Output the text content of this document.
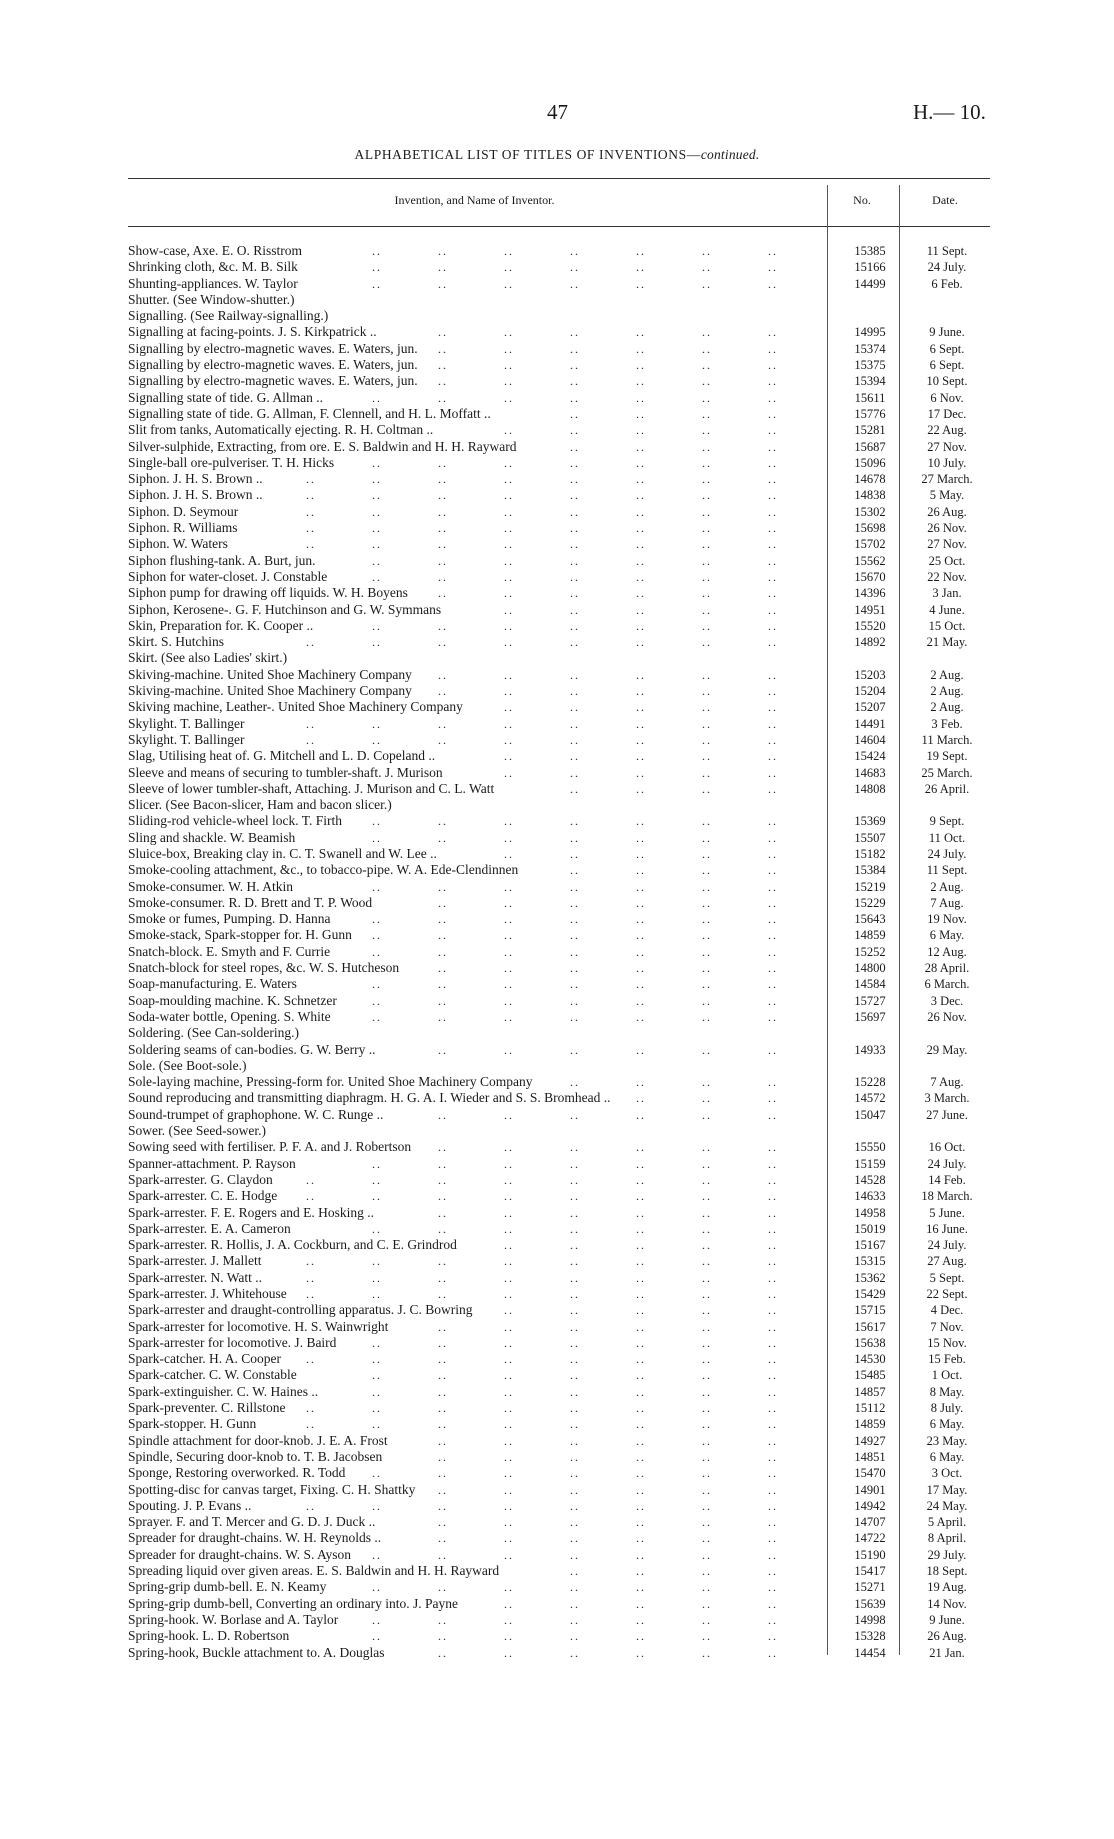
47	H.— 10.
ALPHABETICAL LIST OF TITLES OF INVENTIONS—continued.
Invention, and Name of Inventor.	No.	Date.
Show-case, Axe. E. O. Risstrom	15385	11 Sept.
..	..	..	..	..	..	..
Shrinking cloth, &c. M. B. Silk	15166	24 July.
..	..	..	..	..	..	..
Shunting-appliances. W. Taylor	14499	6 Feb.
..	..	..	..	..	..	..
Shutter. (See Window-shutter.)
Signalling. (See Railway-signalling.)
Signalling at facing-points. J. S. Kirkpatrick ..	14995	9 June.
..	..	..	..	..	..
Signalling by electro-magnetic waves. E. Waters, jun.	15374	6 Sept.
..	..	..	..	..	..
Signalling by electro-magnetic waves. E. Waters, jun.	15375	6 Sept.
..	..	..	..	..	..
Signalling by electro-magnetic waves. E. Waters, jun.	15394	10 Sept.
..	..	..	..	..	..
Signalling state of tide. G. Allman ..	15611	6 Nov.
..	..	..	..	..	..	..
Signalling state of tide. G. Allman, F. Clennell, and H. L. Moffatt ..	15776	17 Dec.
..	..	..	..
Slit from tanks, Automatically ejecting. R. H. Coltman ..	15281	22 Aug.
..	..	..	..	..
Silver-sulphide, Extracting, from ore. E. S. Baldwin and H. H. Rayward	15687	27 Nov.
..	..	..	..
Single-ball ore-pulveriser. T. H. Hicks	15096	10 July.
..	..	..	..	..	..	..
Siphon. J. H. S. Brown ..	14678	27 March.
..	..	..	..	..	..	..	..
Siphon. J. H. S. Brown ..	14838	5 May.
..	..	..	..	..	..	..	..
Siphon. D. Seymour	15302	26 Aug.
..	..	..	..	..	..	..	..
Siphon. R. Williams	15698	26 Nov.
..	..	..	..	..	..	..	..
Siphon. W. Waters	15702	27 Nov.
..	..	..	..	..	..	..	..
Siphon flushing-tank. A. Burt, jun.	15562	25 Oct.
..	..	..	..	..	..	..
Siphon for water-closet. J. Constable	15670	22 Nov.
..	..	..	..	..	..	..
Siphon pump for drawing off liquids. W. H. Boyens	14396	3 Jan.
..	..	..	..	..	..
Siphon, Kerosene-. G. F. Hutchinson and G. W. Symmans	14951	4 June.
..	..	..	..	..
Skin, Preparation for. K. Cooper ..	15520	15 Oct.
..	..	..	..	..	..	..
Skirt. S. Hutchins	14892	21 May.
..	..	..	..	..	..	..	..
Skirt. (See also Ladies' skirt.)
Skiving-machine. United Shoe Machinery Company	15203	2 Aug.
..	..	..	..	..	..
Skiving-machine. United Shoe Machinery Company	15204	2 Aug.
..	..	..	..	..	..
Skiving machine, Leather-. United Shoe Machinery Company	15207	2 Aug.
..	..	..	..	..
Skylight. T. Ballinger	14491	3 Feb.
..	..	..	..	..	..	..	..
Skylight. T. Ballinger	14604	11 March.
..	..	..	..	..	..	..	..
Slag, Utilising heat of. G. Mitchell and L. D. Copeland ..	15424	19 Sept.
..	..	..	..	..
Sleeve and means of securing to tumbler-shaft. J. Murison	14683	25 March.
..	..	..	..	..
Sleeve of lower tumbler-shaft, Attaching. J. Murison and C. L. Watt	14808	26 April.
..	..	..	..
Slicer. (See Bacon-slicer, Ham and bacon slicer.)
Sliding-rod vehicle-wheel lock. T. Firth	15369	9 Sept.
..	..	..	..	..	..	..
Sling and shackle. W. Beamish	15507	11 Oct.
..	..	..	..	..	..	..
Sluice-box, Breaking clay in. C. T. Swanell and W. Lee ..	15182	24 July.
..	..	..	..	..
Smoke-cooling attachment, &c., to tobacco-pipe. W. A. Ede-Clendinnen	15384	11 Sept.
..	..	..	..
Smoke-consumer. W. H. Atkin	15219	2 Aug.
..	..	..	..	..	..	..
Smoke-consumer. R. D. Brett and T. P. Wood	15229	7 Aug.
..	..	..	..	..	..
Smoke or fumes, Pumping. D. Hanna	15643	19 Nov.
..	..	..	..	..	..	..
Smoke-stack, Spark-stopper for. H. Gunn	14859	6 May.
..	..	..	..	..	..	..
Snatch-block. E. Smyth and F. Currie	15252	12 Aug.
..	..	..	..	..	..	..
Snatch-block for steel ropes, &c. W. S. Hutcheson	14800	28 April.
..	..	..	..	..	..
Soap-manufacturing. E. Waters	14584	6 March.
..	..	..	..	..	..	..
Soap-moulding machine. K. Schnetzer	15727	3 Dec.
..	..	..	..	..	..	..
Soda-water bottle, Opening. S. White	15697	26 Nov.
..	..	..	..	..	..	..
Soldering. (See Can-soldering.)
Soldering seams of can-bodies. G. W. Berry ..	14933	29 May.
..	..	..	..	..	..
Sole. (See Boot-sole.)
Sole-laying machine, Pressing-form for. United Shoe Machinery Company	15228	7 Aug.
..	..	..	..
Sound reproducing and transmitting diaphragm. H. G. A. I. Wieder and S. S. Bromhead ..	14572	3 March.
..	..	..
Sound-trumpet of graphophone. W. C. Runge ..	15047	27 June.
..	..	..	..	..	..
Sower. (See Seed-sower.)
Sowing seed with fertiliser. P. F. A. and J. Robertson	15550	16 Oct.
..	..	..	..	..	..
Spanner-attachment. P. Rayson	15159	24 July.
..	..	..	..	..	..	..
Spark-arrester. G. Claydon	14528	14 Feb.
..	..	..	..	..	..	..	..
Spark-arrester. C. E. Hodge	14633	18 March.
..	..	..	..	..	..	..	..
Spark-arrester. F. E. Rogers and E. Hosking ..	14958	5 June.
..	..	..	..	..	..
Spark-arrester. E. A. Cameron	15019	16 June.
..	..	..	..	..	..	..
Spark-arrester. R. Hollis, J. A. Cockburn, and C. E. Grindrod	15167	24 July.
..	..	..	..	..
Spark-arrester. J. Mallett	15315	27 Aug.
..	..	..	..	..	..	..	..
Spark-arrester. N. Watt ..	15362	5 Sept.
..	..	..	..	..	..	..	..
Spark-arrester. J. Whitehouse	15429	22 Sept.
..	..	..	..	..	..	..	..
Spark-arrester and draught-controlling apparatus. J. C. Bowring	15715	4 Dec.
..	..	..	..	..
Spark-arrester for locomotive. H. S. Wainwright	15617	7 Nov.
..	..	..	..	..	..
Spark-arrester for locomotive. J. Baird	15638	15 Nov.
..	..	..	..	..	..	..
Spark-catcher. H. A. Cooper	14530	15 Feb.
..	..	..	..	..	..	..	..
Spark-catcher. C. W. Constable	15485	1 Oct.
..	..	..	..	..	..	..
Spark-extinguisher. C. W. Haines ..	14857	8 May.
..	..	..	..	..	..	..
Spark-preventer. C. Rillstone	15112	8 July.
..	..	..	..	..	..	..	..
Spark-stopper. H. Gunn	14859	6 May.
..	..	..	..	..	..	..	..
Spindle attachment for door-knob. J. E. A. Frost	14927	23 May.
..	..	..	..	..	..
Spindle, Securing door-knob to. T. B. Jacobsen	14851	6 May.
..	..	..	..	..	..
Sponge, Restoring overworked. R. Todd	15470	3 Oct.
..	..	..	..	..	..	..
Spotting-disc for canvas target, Fixing. C. H. Shattky	14901	17 May.
..	..	..	..	..	..
Spouting. J. P. Evans ..	14942	24 May.
..	..	..	..	..	..	..	..
Sprayer. F. and T. Mercer and G. D. J. Duck ..	14707	5 April.
..	..	..	..	..	..
Spreader for draught-chains. W. H. Reynolds ..	14722	8 April.
..	..	..	..	..	..
Spreader for draught-chains. W. S. Ayson	15190	29 July.
..	..	..	..	..	..	..
Spreading liquid over given areas. E. S. Baldwin and H. H. Rayward	15417	18 Sept.
..	..	..	..
Spring-grip dumb-bell. E. N. Keamy	15271	19 Aug.
..	..	..	..	..	..	..
Spring-grip dumb-bell, Converting an ordinary into. J. Payne	15639	14 Nov.
..	..	..	..	..
Spring-hook. W. Borlase and A. Taylor	14998	9 June.
..	..	..	..	..	..	..
Spring-hook. L. D. Robertson	15328	26 Aug.
..	..	..	..	..	..	..
Spring-hook, Buckle attachment to. A. Douglas	14454	21 Jan.
..	..	..	..	..	..
